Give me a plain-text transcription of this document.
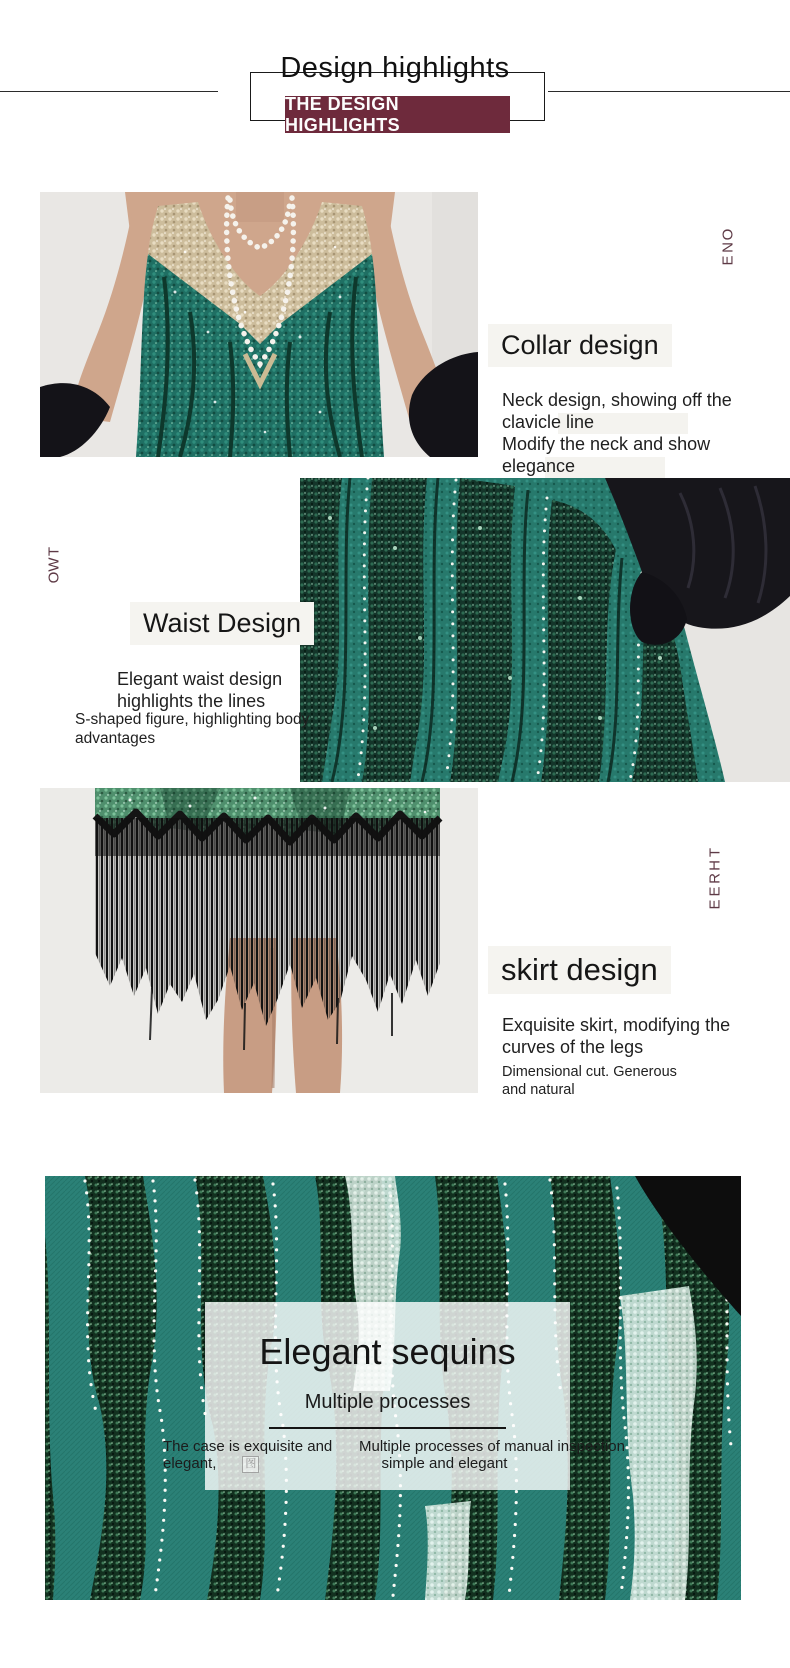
Design highlights
THE DESIGN HIGHLIGHTS
O
N
E
Collar design
Neck design, showing off the clavicle line
Modify the neck and show elegance
T
W
O
Waist Design
Elegant waist design highlights the lines
S-shaped figure, highlighting body advantages
T
H
R
E
E
skirt design
Exquisite skirt, modifying the curves of the legs
Dimensional cut. Generous and natural
Elegant sequins
Multiple processes
The case is exquisite and
elegant,	图
Multiple processes of manual inspection
simple and elegant
